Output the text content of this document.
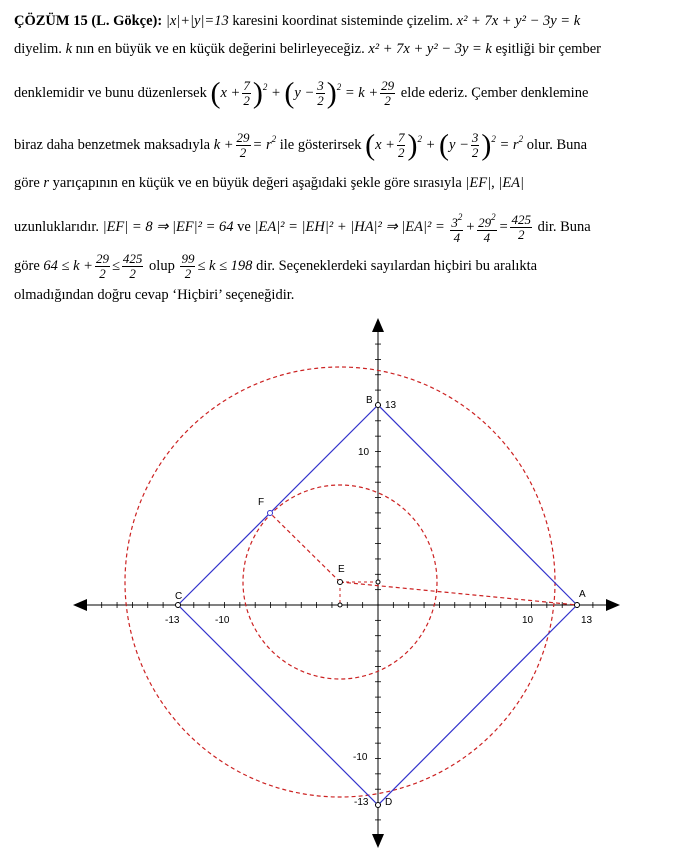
ÇÖZÜM 15 (L. Gökçe): |x|+|y|=13 karesini koordinat sisteminde çizelim. x² + 7x + y² − 3y = k
diyelim. k nın en büyük ve en küçük değerini belirleyeceğiz. x² + 7x + y² − 3y = k eşitliği bir çember
denklemidir ve bunu düzenlersek $(x + \frac{7}{2} )^2 + (y - \frac{3}{2} )^2 = k + \frac{29}{2}$ elde ederiz. Çember denklemine
biraz daha benzetmek maksadıyla $k + \frac{29}{2} = r^2$ ile gösterirsek $(x + \frac{7}{2} )^2 + (y - \frac{3}{2} )^2 = r^2$ olur. Buna
göre r yarıçapının en küçük ve en büyük değeri aşağıdaki şekle göre sırasıyla |EF|, |EA|
uzunluklarıdır. |EF| = 8 ⇒ |EF|² = 64 ve |EA|² = |EH|² + |HA|² ⇒ $|EA|^2 = \frac{3^2}{4} + \frac{29^2}{4} = \frac{425}{2}$ dir. Buna
göre $64 \le k + \frac{29}{2} \le \frac{425}{2}$ olup $\frac{99}{2} \le k \le 198$ dir. Seçeneklerdeki sayılardan hiçbiri bu aralıkta
olmadığından doğru cevap ‘Hiçbiri’ seçeneğidir.
A
B
C
D
E
F
-13	-10	10	13
10
13
-10
-13
